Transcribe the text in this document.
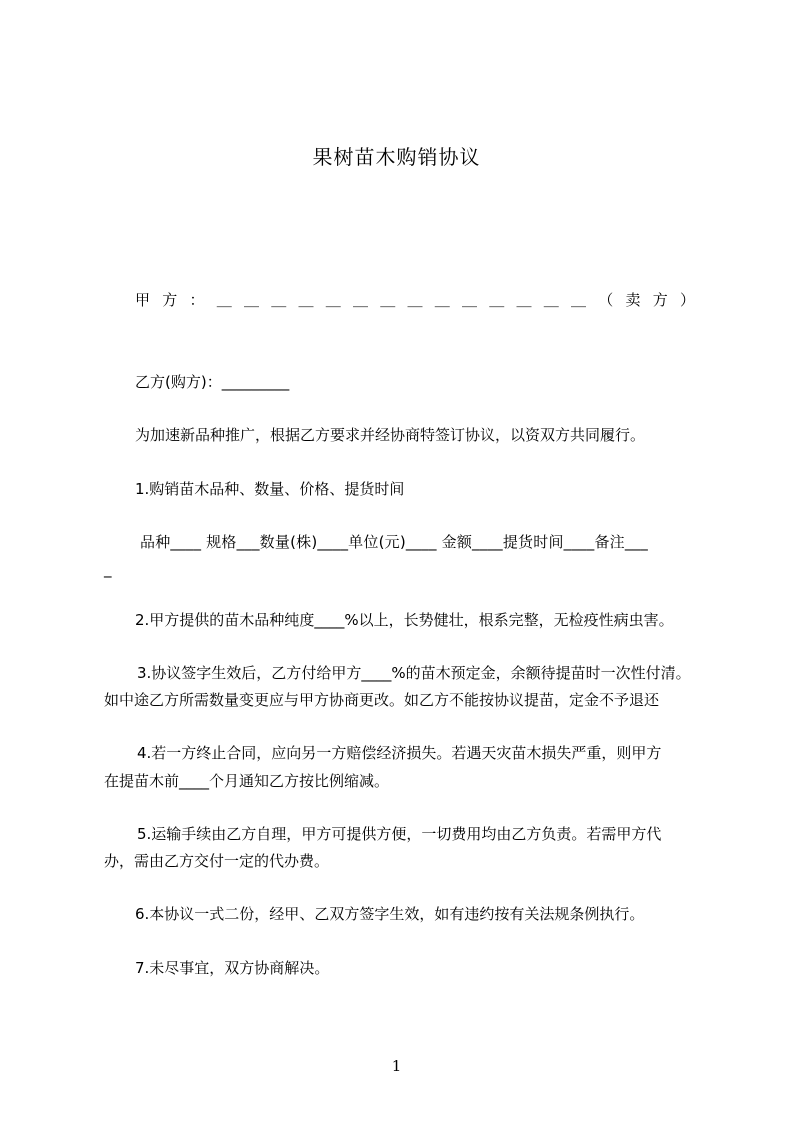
果树苗木购销协议
甲 方 ： ＿ ＿ ＿ ＿ ＿ ＿ ＿ ＿ ＿ ＿ ＿ ＿ ＿ ＿ （ 卖 方 ）
乙方(购方)：_________
为加速新品种推广，根据乙方要求并经协商特签订协议，以资双方共同履行。
1.购销苗木品种、数量、价格、提货时间
品种____ 规格___数量(株)____单位(元)____ 金额____提货时间____备注___
_
2.甲方提供的苗木品种纯度____%以上，长势健壮，根系完整，无检疫性病虫害。
3.协议签字生效后，乙方付给甲方____%的苗木预定金，余额待提苗时一次性付清。
如中途乙方所需数量变更应与甲方协商更改。如乙方不能按协议提苗，定金不予退还
4.若一方终止合同，应向另一方赔偿经济损失。若遇天灾苗木损失严重，则甲方
在提苗木前____个月通知乙方按比例缩减。
5.运输手续由乙方自理，甲方可提供方便，一切费用均由乙方负责。若需甲方代
办，需由乙方交付一定的代办费。
6.本协议一式二份，经甲、乙双方签字生效，如有违约按有关法规条例执行。
7.未尽事宜，双方协商解决。
1
